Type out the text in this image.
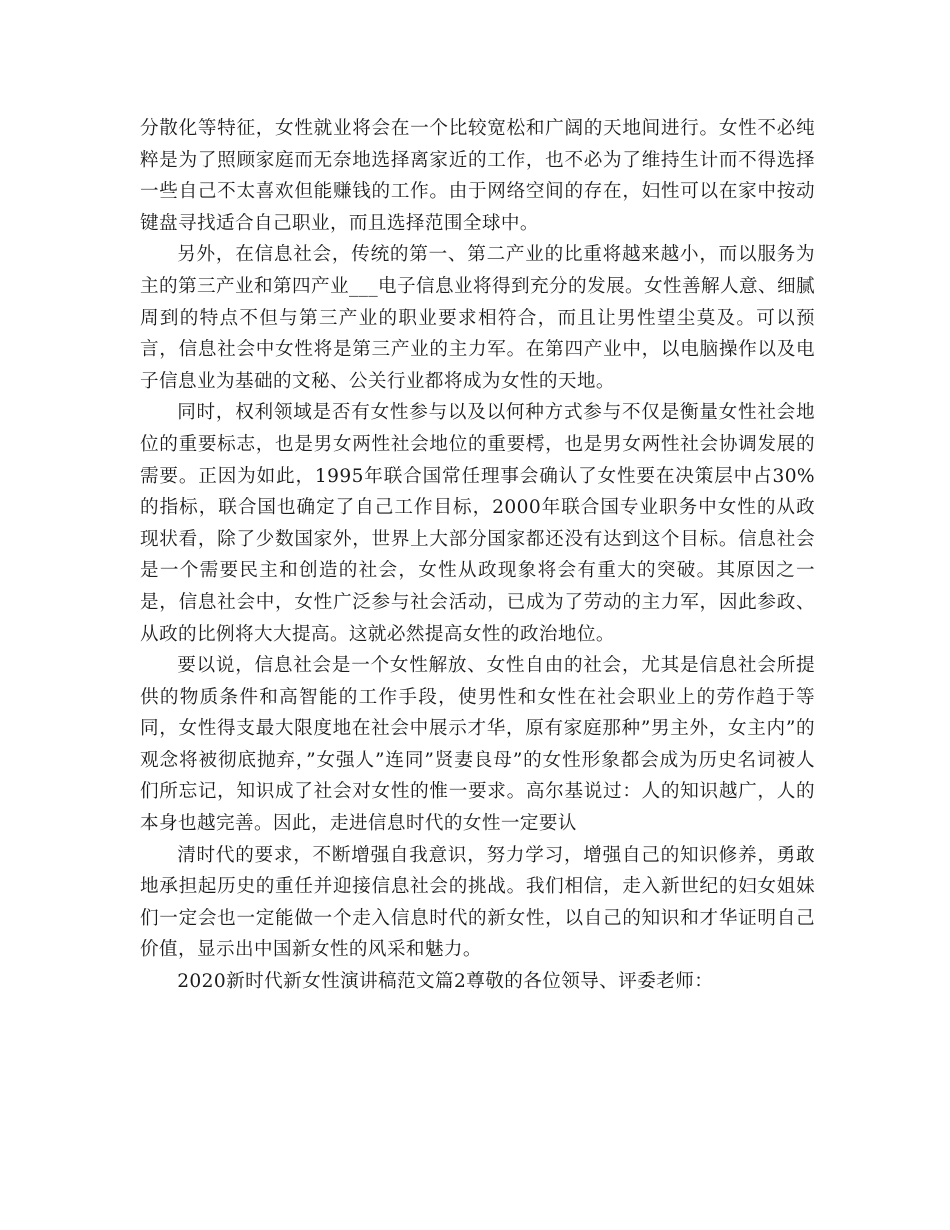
分散化等特征，女性就业将会在一个比较宽松和广阔的天地间进行。女性不必纯粹是为了照顾家庭而无奈地选择离家近的工作，也不必为了维持生计而不得选择一些自己不太喜欢但能赚钱的工作。由于网络空间的存在，妇性可以在家中按动键盘寻找适合自己职业，而且选择范围全球中。

另外，在信息社会，传统的第一、第二产业的比重将越来越小，而以服务为主的第三产业和第四产业___电子信息业将得到充分的发展。女性善解人意、细腻周到的特点不但与第三产业的职业要求相符合，而且让男性望尘莫及。可以预言，信息社会中女性将是第三产业的主力军。在第四产业中，以电脑操作以及电子信息业为基础的文秘、公关行业都将成为女性的天地。

同时，权利领域是否有女性参与以及以何种方式参与不仅是衡量女性社会地位的重要标志，也是男女两性社会地位的重要樗，也是男女两性社会协调发展的需要。正因为如此，1995年联合国常任理事会确认了女性要在决策层中占30%的指标，联合国也确定了自己工作目标，2000年联合国专业职务中女性的从政现状看，除了少数国家外，世界上大部分国家都还没有达到这个目标。信息社会是一个需要民主和创造的社会，女性从政现象将会有重大的突破。其原因之一是，信息社会中，女性广泛参与社会活动，已成为了劳动的主力军，因此参政、从政的比例将大大提高。这就必然提高女性的政治地位。

要以说，信息社会是一个女性解放、女性自由的社会，尤其是信息社会所提供的物质条件和高智能的工作手段，使男性和女性在社会职业上的劳作趋于等同，女性得支最大限度地在社会中展示才华，原有家庭那种”男主外，女主内”的观念将被彻底抛弃，”女强人”连同”贤妻良母”的女性形象都会成为历史名词被人们所忘记，知识成了社会对女性的惟一要求。高尔基说过：人的知识越广，人的本身也越完善。因此，走进信息时代的女性一定要认

清时代的要求，不断增强自我意识，努力学习，增强自己的知识修养，勇敢地承担起历史的重任并迎接信息社会的挑战。我们相信，走入新世纪的妇女姐妹们一定会也一定能做一个走入信息时代的新女性，以自己的知识和才华证明自己价值，显示出中国新女性的风采和魅力。

2020新时代新女性演讲稿范文篇2尊敬的各位领导、评委老师：
